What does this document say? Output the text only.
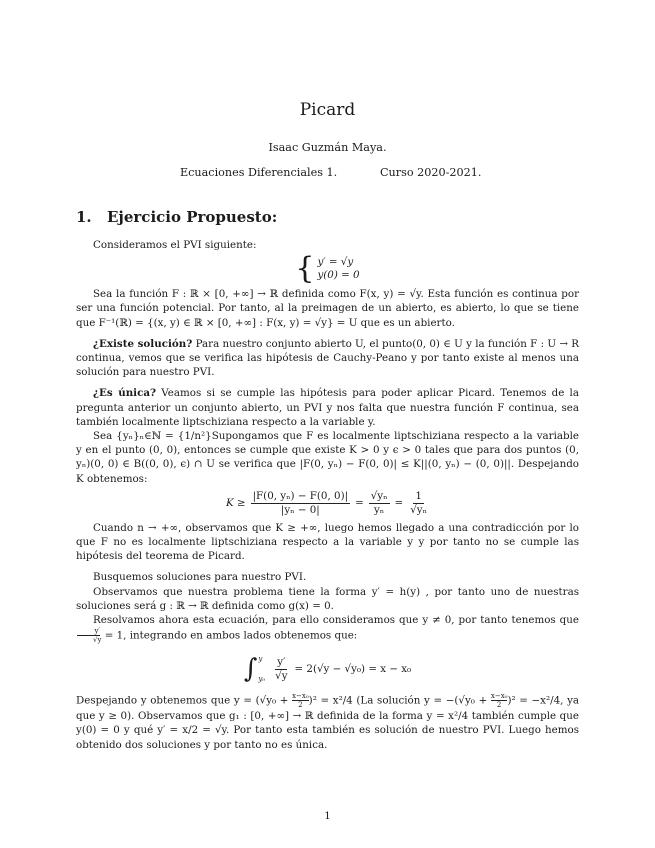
Picard
Isaac Guzmán Maya.
Ecuaciones Diferenciales 1.	Curso 2020-2021.
1. Ejercicio Propuesto:

Consideramos el PVI siguiente:

{ y′ = √y
y(0) = 0

Sea la función F : ℝ × [0, +∞] → ℝ definida como F(x, y) = √y. Esta función es continua por ser una función potencial. Por tanto, al la preimagen de un abierto, es abierto, lo que se tiene que F⁻¹(ℝ) = {(x, y) ∈ ℝ × [0, +∞] : F(x, y) = √y} = U que es un abierto.

¿Existe solución? Para nuestro conjunto abierto U, el punto(0, 0) ∈ U y la función F : U → R continua, vemos que se verifica las hipótesis de Cauchy-Peano y por tanto existe al menos una solución para nuestro PVI.

¿Es única? Veamos si se cumple las hipótesis para poder aplicar Picard. Tenemos de la pregunta anterior un conjunto abierto, un PVI y nos falta que nuestra función F continua, sea también localmente liptschiziana respecto a la variable y.

Sea {yₙ}ₙ∈ℕ = {1/n²}Supongamos que F es localmente liptschiziana respecto a la variable y en el punto (0, 0), entonces se cumple que existe K > 0 y ϵ > 0 tales que para dos puntos (0, yₙ)(0, 0) ∈ B((0, 0), ϵ) ∩ U se verifica que |F(0, yₙ) − F(0, 0)| ≤ K||(0, yₙ) − (0, 0)||. Despejando K obtenemos:

$K \ge \frac{\text{|F(0, yₙ) − F(0, 0)|}}{\text{|yₙ − 0|}} = \frac{\text{√yₙ}}{\text{yₙ}} = \frac{1}{\text{√yₙ}}$

Cuando n → +∞, observamos que K ≥ +∞, luego hemos llegado a una contradicción por lo que F no es localmente liptschiziana respecto a la variable y y por tanto no se cumple las hipótesis del teorema de Picard.

Busquemos soluciones para nuestro PVI.

Observamos que nuestra problema tiene la forma y′ = h(y) , por tanto uno de nuestras soluciones será g : ℝ → ℝ definida como g(x) = 0.

Resolvamos ahora esta ecuación, para ello consideramos que y ≠ 0, por tanto tenemos que
$\frac{y'}{√y} = 1$, integrando en ambos lados obtenemos que:

∫ y
$y_0 \frac{y'}{√y} = 2(√y - √y_0) = x - x_0$

Despejando y obtenemos que $y = (√y_0 + \frac{\text{x−x₀}}{2} )^2 = x^2/4$ (La solución $y = -(√y_0 + \frac{\text{x−x₀}}{2} )^2 = -x^2/4$, ya que y ≥ 0). Observamos que g₁ : [0, +∞] → ℝ definida de la forma y = x²/4 también cumple que y(0) = 0 y qué y′ = x/2 = √y. Por tanto esta también es solución de nuestro PVI. Luego hemos obtenido dos soluciones y por tanto no es única.

1
